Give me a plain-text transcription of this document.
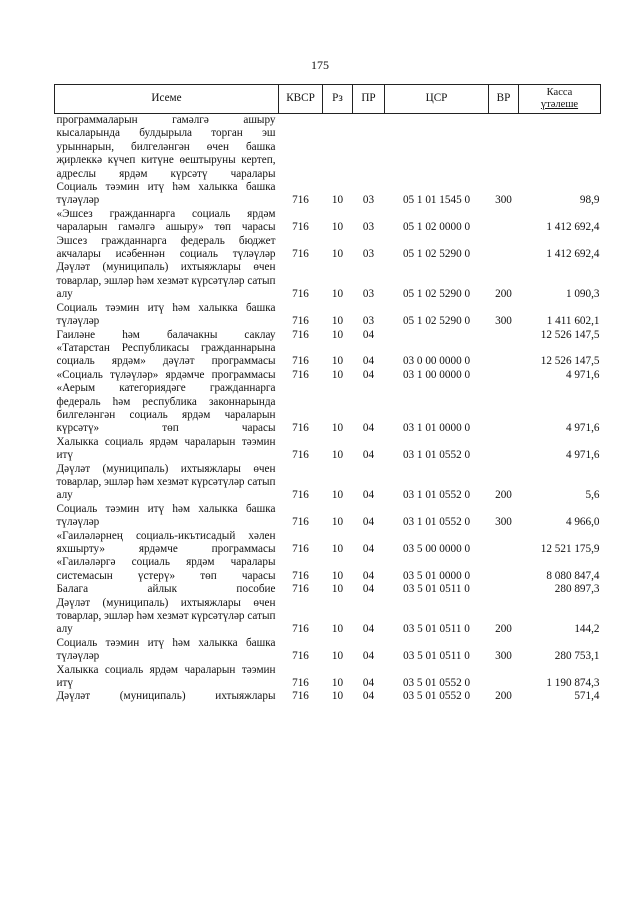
175
Исеме	КВСР	Рз	ПР	ЦСР	ВР	Касса
үтәлеше

программаларын гамәлгә ашыру кысаларында булдырыла торган эш урыннарын, билгеләнгән өчен башка җирлеккә күчеп китүне өештыруны кертеп, адреслы ярдәм күрсәтү чаралары						
Социаль тәэмин итү һәм халыкка башка түләүләр	716	10	03	05 1 01 1545 0	300	98,9
«Эшсез гражданнарга социаль ярдәм чараларын гамәлгә ашыру» төп чарасы	716	10	03	05 1 02 0000 0		1 412 692,4
Эшсез гражданнарга федераль бюджет акчалары исәбеннән социаль түләүләр	716	10	03	05 1 02 5290 0		1 412 692,4
Дәүләт (муниципаль) ихтыяжлары өчен товарлар, эшләр һәм хезмәт күрсәтүләр сатып алу	716	10	03	05 1 02 5290 0	200	1 090,3
Социаль тәэмин итү һәм халыкка башка түләүләр	716	10	03	05 1 02 5290 0	300	1 411 602,1
Гаиләне һәм балачакны саклау	716	10	04			12 526 147,5
«Татарстан Республикасы гражданнарына социаль ярдәм» дәүләт программасы	716	10	04	03 0 00 0000 0		12 526 147,5
«Социаль түләүләр» ярдәмче программасы	716	10	04	03 1 00 0000 0		4 971,6
«Аерым категориядәге гражданнарга федераль һәм республика законнарында билгеләнгән социаль ярдәм чараларын күрсәтү» төп чарасы	716	10	04	03 1 01 0000 0		4 971,6
Халыкка социаль ярдәм чараларын тәэмин итү	716	10	04	03 1 01 0552 0		4 971,6
Дәүләт (муниципаль) ихтыяжлары өчен товарлар, эшләр һәм хезмәт күрсәтүләр сатып алу	716	10	04	03 1 01 0552 0	200	5,6
Социаль тәэмин итү һәм халыкка башка түләүләр	716	10	04	03 1 01 0552 0	300	4 966,0
«Гаиләләрнең социаль-икътисадый хәлен яхшырту» ярдәмче программасы	716	10	04	03 5 00 0000 0		12 521 175,9
«Гаиләләргә социаль ярдәм чаралары системасын үстерү» төп чарасы	716	10	04	03 5 01 0000 0		8 080 847,4
Балага айлык пособие	716	10	04	03 5 01 0511 0		280 897,3
Дәүләт (муниципаль) ихтыяжлары өчен товарлар, эшләр һәм хезмәт күрсәтүләр сатып алу	716	10	04	03 5 01 0511 0	200	144,2
Социаль тәэмин итү һәм халыкка башка түләүләр	716	10	04	03 5 01 0511 0	300	280 753,1
Халыкка социаль ярдәм чараларын тәэмин итү	716	10	04	03 5 01 0552 0		1 190 874,3
Дәүләт (муниципаль) ихтыяжлары	716	10	04	03 5 01 0552 0	200	571,4
